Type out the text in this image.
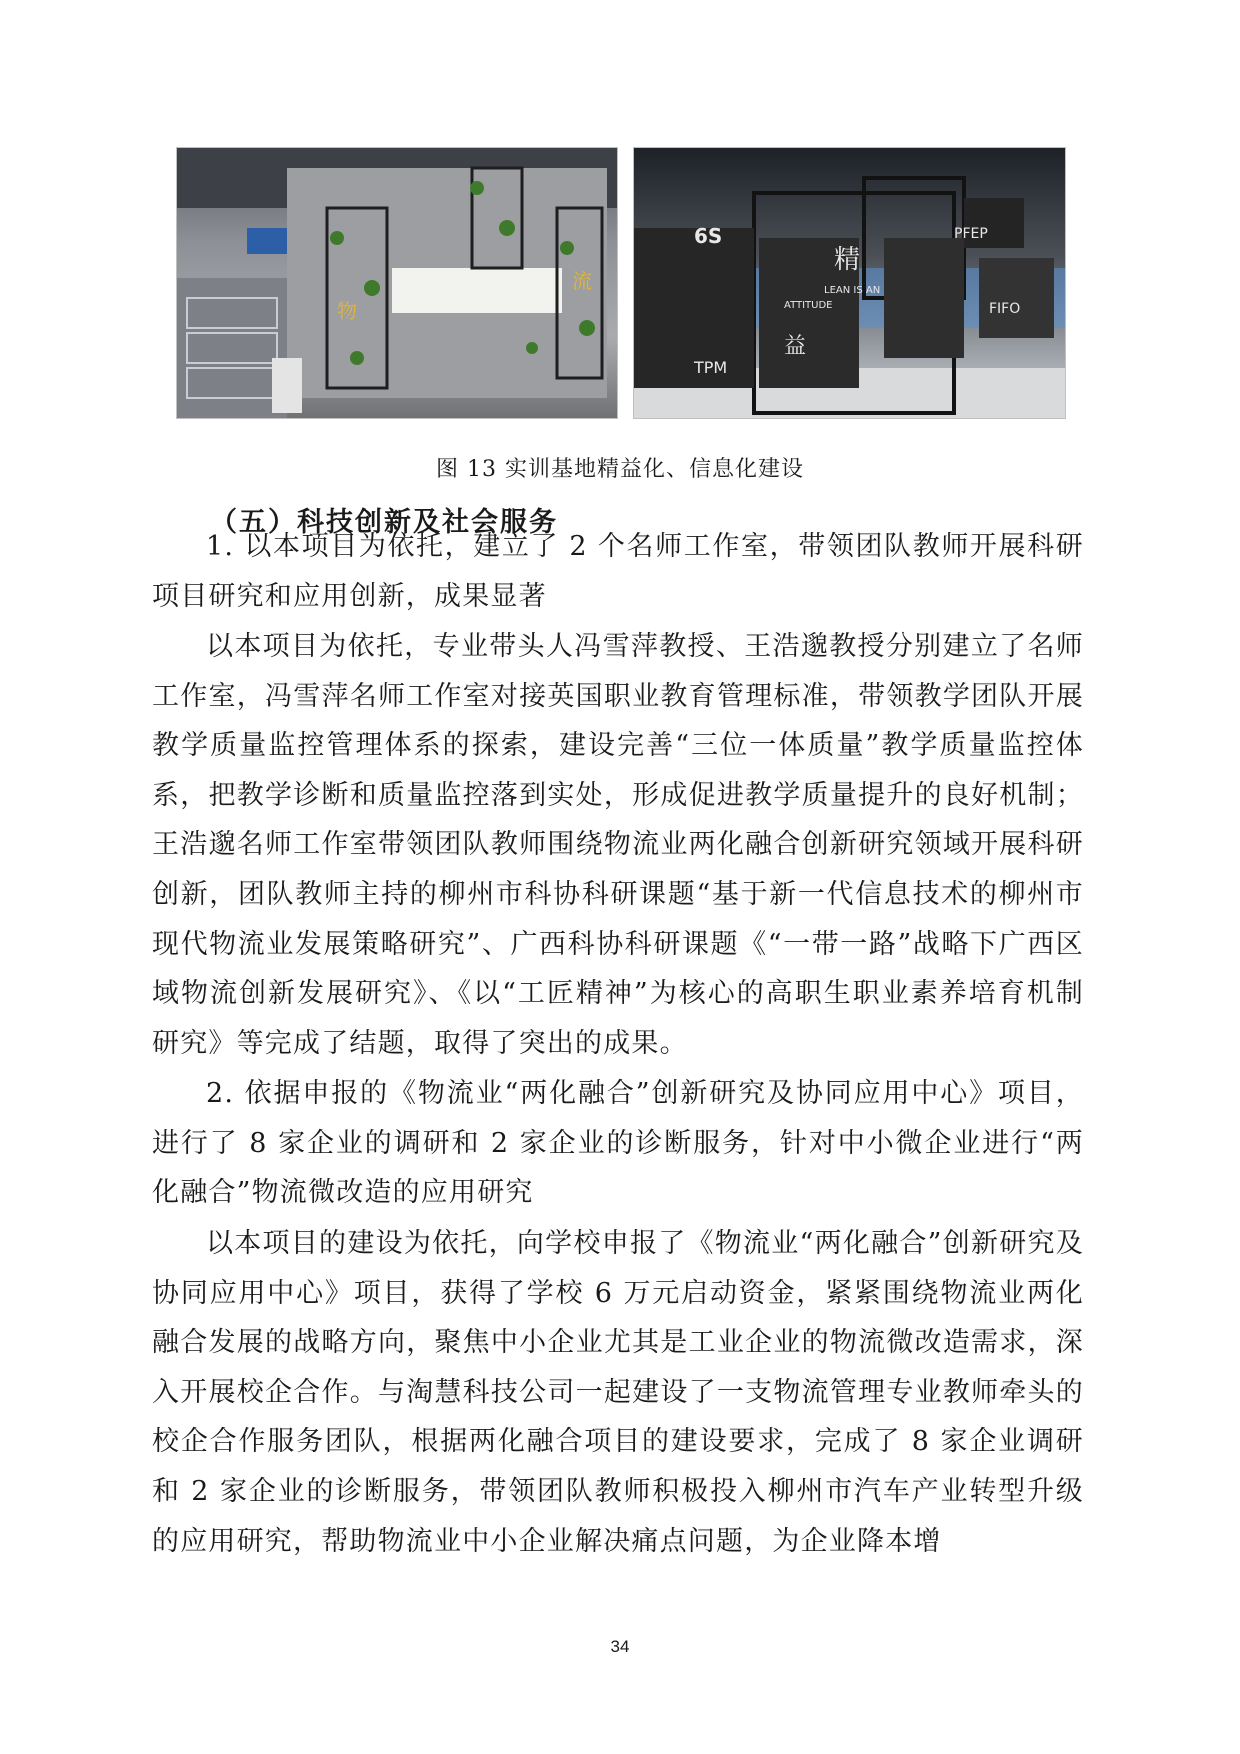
物
流
6S
精
PFEP
LEAN IS AN
ATTITUDE
益
FIFO
TPM
图 13 实训基地精益化、信息化建设
（五）科技创新及社会服务

1. 以本项目为依托，建立了 2 个名师工作室，带领团队教师开展科研项目研究和应用创新，成果显著

以本项目为依托，专业带头人冯雪萍教授、王浩邈教授分别建立了名师工作室，冯雪萍名师工作室对接英国职业教育管理标准，带领教学团队开展教学质量监控管理体系的探索，建设完善“三位一体质量”教学质量监控体系，把教学诊断和质量监控落到实处，形成促进教学质量提升的良好机制；王浩邈名师工作室带领团队教师围绕物流业两化融合创新研究领域开展科研创新，团队教师主持的柳州市科协科研课题“基于新一代信息技术的柳州市现代物流业发展策略研究”、广西科协科研课题《“一带一路”战略下广西区域物流创新发展研究》、《以“工匠精神”为核心的高职生职业素养培育机制研究》等完成了结题，取得了突出的成果。

2. 依据申报的《物流业“两化融合”创新研究及协同应用中心》项目，进行了 8 家企业的调研和 2 家企业的诊断服务，针对中小微企业进行“两化融合”物流微改造的应用研究

以本项目的建设为依托，向学校申报了《物流业“两化融合”创新研究及协同应用中心》项目，获得了学校 6 万元启动资金，紧紧围绕物流业两化融合发展的战略方向，聚焦中小企业尤其是工业企业的物流微改造需求，深入开展校企合作。与淘慧科技公司一起建设了一支物流管理专业教师牵头的校企合作服务团队，根据两化融合项目的建设要求，完成了 8 家企业调研和 2 家企业的诊断服务，带领团队教师积极投入柳州市汽车产业转型升级的应用研究，帮助物流业中小企业解决痛点问题，为企业降本增

34
